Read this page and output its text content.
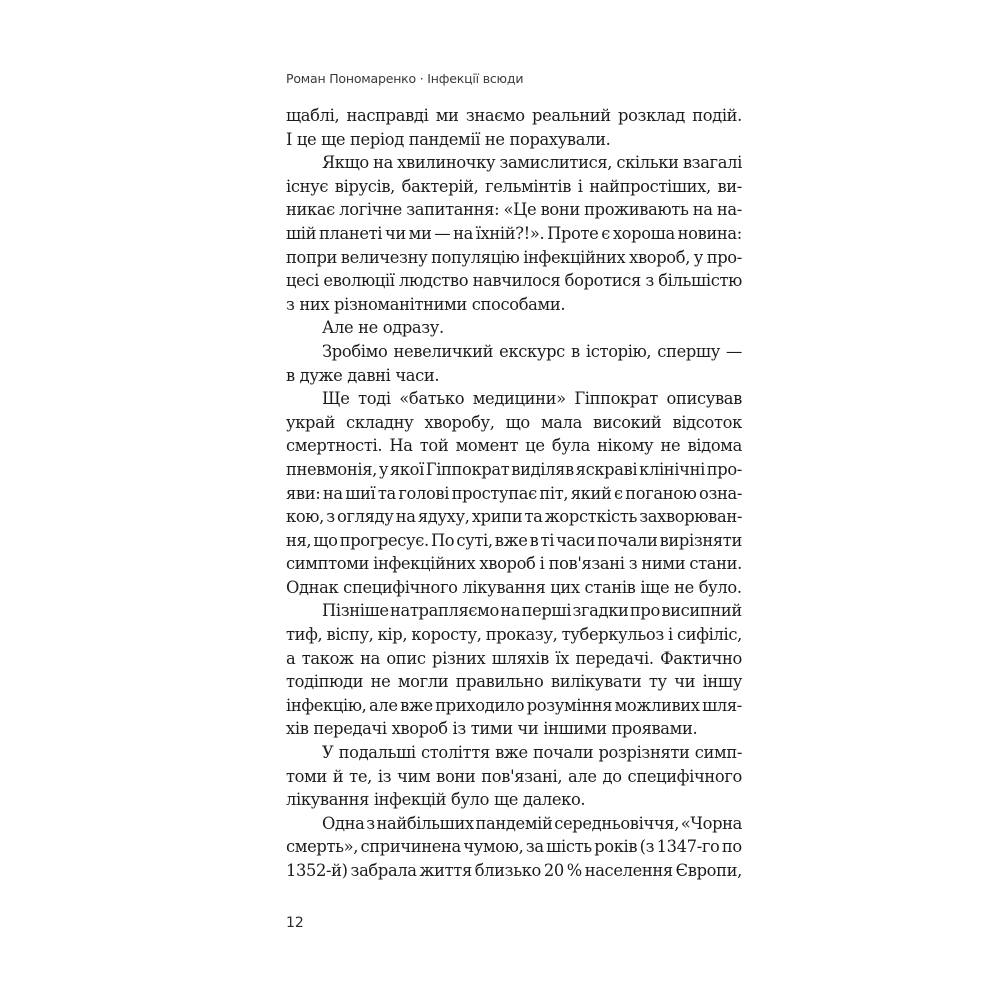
Роман Пономаренко · Інфекції всюди
щаблі, насправді ми знаємо реальний розклад подій.
І це ще період пандемії не порахували.
Якщо на хвилиночку замислитися, скільки взагалі
існує вірусів, бактерій, гельмінтів і найпростіших, ви-
никає логічне запитання: «Це вони проживають на на-
шій планеті чи ми — на їхній?!». Проте є хороша новина:
попри величезну популяцію інфекційних хвороб, у про-
цесі еволюції людство навчилося боротися з більшістю
з них різноманітними способами.
Але не одразу.
Зробімо невеличкий екскурс в історію, спершу —
в дуже давні часи.
Ще тоді «батько медицини» Гіппократ описував
украй складну хворобу, що мала високий відсоток
смертності. На той момент це була нікому не відома
пневмонія, у якої Гіппократ виділяв яскраві клінічні про-
яви: на шиї та голові проступає піт, який є поганою озна-
кою, з огляду на ядуху, хрипи та жорсткість захворюван-
ня, що прогресує. По суті, вже в ті часи почали вирізняти
симптоми інфекційних хвороб і пов'язані з ними стани.
Однак специфічного лікування цих станів іще не було.
Пізніше натрапляємо на перші згадки про висипний
тиф, віспу, кір, коросту, проказу, туберкульоз і сифіліс,
а також на опис різних шляхів їх передачі. Фактично
тодіпюди не могли правильно вилікувати ту чи іншу
інфекцію, але вже приходило розуміння можливих шля-
хів передачі хвороб із тими чи іншими проявами.
У подальші століття вже почали розрізняти симп-
томи й те, із чим вони пов'язані, але до специфічного
лікування інфекцій було ще далеко.
Одна з найбільших пандемій середньовіччя, «Чорна
смерть», спричинена чумою, за шість років (з 1347-го по
1352-й) забрала життя близько 20 % населення Європи,
12
